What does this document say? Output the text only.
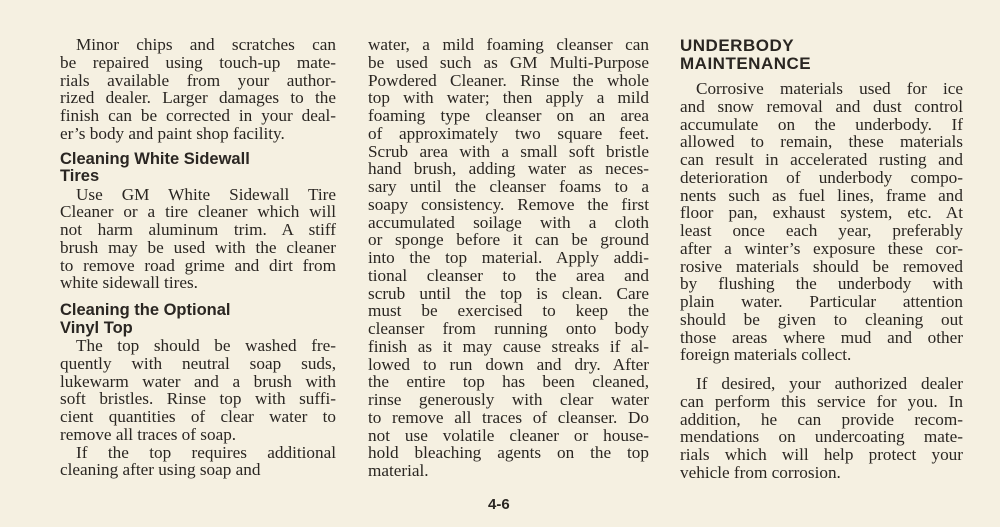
Minor chips and scratches can
be repaired using touch-up mate-
rials available from your author-
rized dealer. Larger damages to the
finish can be corrected in your deal-
er’s body and paint shop facility.
Cleaning White Sidewall
Tires
Use GM White Sidewall Tire
Cleaner or a tire cleaner which will
not harm aluminum trim. A stiff
brush may be used with the cleaner
to remove road grime and dirt from
white sidewall tires.
Cleaning the Optional
Vinyl Top
The top should be washed fre-
quently with neutral soap suds,
lukewarm water and a brush with
soft bristles. Rinse top with suffi-
cient quantities of clear water to
remove all traces of soap.
If the top requires additional
cleaning after using soap and
water, a mild foaming cleanser can
be used such as GM Multi-Purpose
Powdered Cleaner. Rinse the whole
top with water; then apply a mild
foaming type cleanser on an area
of approximately two square feet.
Scrub area with a small soft bristle
hand brush, adding water as neces-
sary until the cleanser foams to a
soapy consistency. Remove the first
accumulated soilage with a cloth
or sponge before it can be ground
into the top material. Apply addi-
tional cleanser to the area and
scrub until the top is clean. Care
must be exercised to keep the
cleanser from running onto body
finish as it may cause streaks if al-
lowed to run down and dry. After
the entire top has been cleaned,
rinse generously with clear water
to remove all traces of cleanser. Do
not use volatile cleaner or house-
hold bleaching agents on the top
material.
UNDERBODY
MAINTENANCE
Corrosive materials used for ice
and snow removal and dust control
accumulate on the underbody. If
allowed to remain, these materials
can result in accelerated rusting and
deterioration of underbody compo-
nents such as fuel lines, frame and
floor pan, exhaust system, etc. At
least once each year, preferably
after a winter’s exposure these cor-
rosive materials should be removed
by flushing the underbody with
plain water. Particular attention
should be given to cleaning out
those areas where mud and other
foreign materials collect.
If desired, your authorized dealer
can perform this service for you. In
addition, he can provide recom-
mendations on undercoating mate-
rials which will help protect your
vehicle from corrosion.
4-6
